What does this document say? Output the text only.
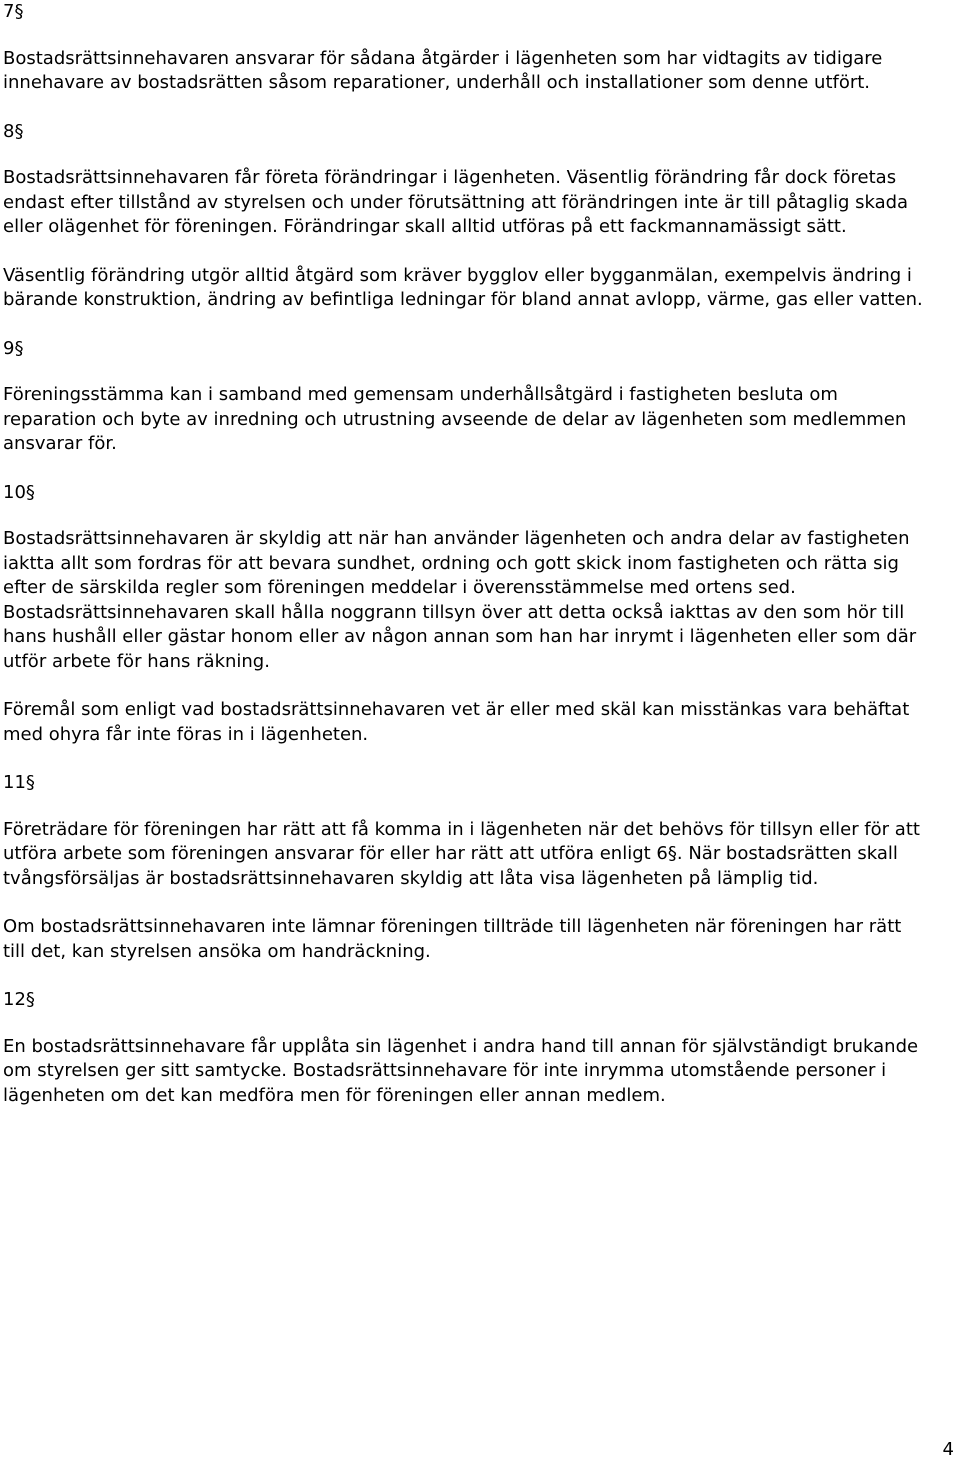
7§

Bostadsrättsinnehavaren ansvarar för sådana åtgärder i lägenheten som har vidtagits av tidigare innehavare av bostadsrätten såsom reparationer, underhåll och installationer som denne utfört.

8§

Bostadsrättsinnehavaren får företa förändringar i lägenheten. Väsentlig förändring får dock företas endast efter tillstånd av styrelsen och under förutsättning att förändringen inte är till påtaglig skada eller olägenhet för föreningen. Förändringar skall alltid utföras på ett fackmannamässigt sätt.

Väsentlig förändring utgör alltid åtgärd som kräver bygglov eller bygganmälan, exempelvis ändring i bärande konstruktion, ändring av befintliga ledningar för bland annat avlopp, värme, gas eller vatten.

9§

Föreningsstämma kan i samband med gemensam underhållsåtgärd i fastigheten besluta om reparation och byte av inredning och utrustning avseende de delar av lägenheten som medlemmen ansvarar för.

10§

Bostadsrättsinnehavaren är skyldig att när han använder lägenheten och andra delar av fastigheten iaktta allt som fordras för att bevara sundhet, ordning och gott skick inom fastigheten och rätta sig efter de särskilda regler som föreningen meddelar i överensstämmelse med ortens sed. Bostadsrättsinnehavaren skall hålla noggrann tillsyn över att detta också iakttas av den som hör till hans hushåll eller gästar honom eller av någon annan som han har inrymt i lägenheten eller som där utför arbete för hans räkning.

Föremål som enligt vad bostadsrättsinnehavaren vet är eller med skäl kan misstänkas vara behäftat med ohyra får inte föras in i lägenheten.

11§

Företrädare för föreningen har rätt att få komma in i lägenheten när det behövs för tillsyn eller för att utföra arbete som föreningen ansvarar för eller har rätt att utföra enligt 6§. När bostadsrätten skall tvångsförsäljas är bostadsrättsinnehavaren skyldig att låta visa lägenheten på lämplig tid.

Om bostadsrättsinnehavaren inte lämnar föreningen tillträde till lägenheten när föreningen har rätt till det, kan styrelsen ansöka om handräckning.

12§

En bostadsrättsinnehavare får upplåta sin lägenhet i andra hand till annan för självständigt brukande om styrelsen ger sitt samtycke. Bostadsrättsinnehavare för inte inrymma utomstående personer i lägenheten om det kan medföra men för föreningen eller annan medlem.

4
